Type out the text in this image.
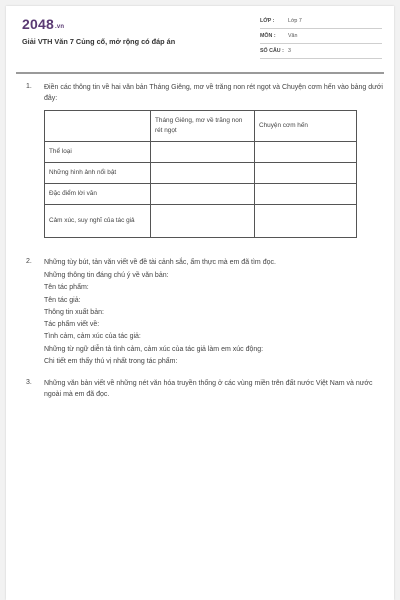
2048.vn
Giải VTH Văn 7 Củng cố, mở rộng có đáp án
LỚP :	Lớp 7
MÔN : Văn
SỐ CÂU : 3
1. Điền các thông tin về hai văn bản Tháng Giêng, mơ về trăng non rét ngọt và Chuyện cơm hến vào bảng dưới đây:
	Tháng Giêng, mơ về trăng non rét ngọt	Chuyện cơm hến
Thể loại		
Những hình ảnh nổi bật		
Đặc điểm lời văn		
Cảm xúc, suy nghĩ của tác giả		
2. Những tùy bút, tản văn viết về đề tài cảnh sắc, ẩm thực mà em đã tìm đọc.
Những thông tin đáng chú ý về văn bản:
Tên tác phẩm:
Tên tác giả:
Thông tin xuất bản:
Tác phẩm viết về:
Tình cảm, cảm xúc của tác giả:
Những từ ngữ diễn tả tình cảm, cảm xúc của tác giả làm em xúc động:
Chi tiết em thấy thú vị nhất trong tác phẩm:
3. Những văn bản viết về những nét văn hóa truyền thống ở các vùng miền trên đất nước Việt Nam và nước ngoài mà em đã đọc.
